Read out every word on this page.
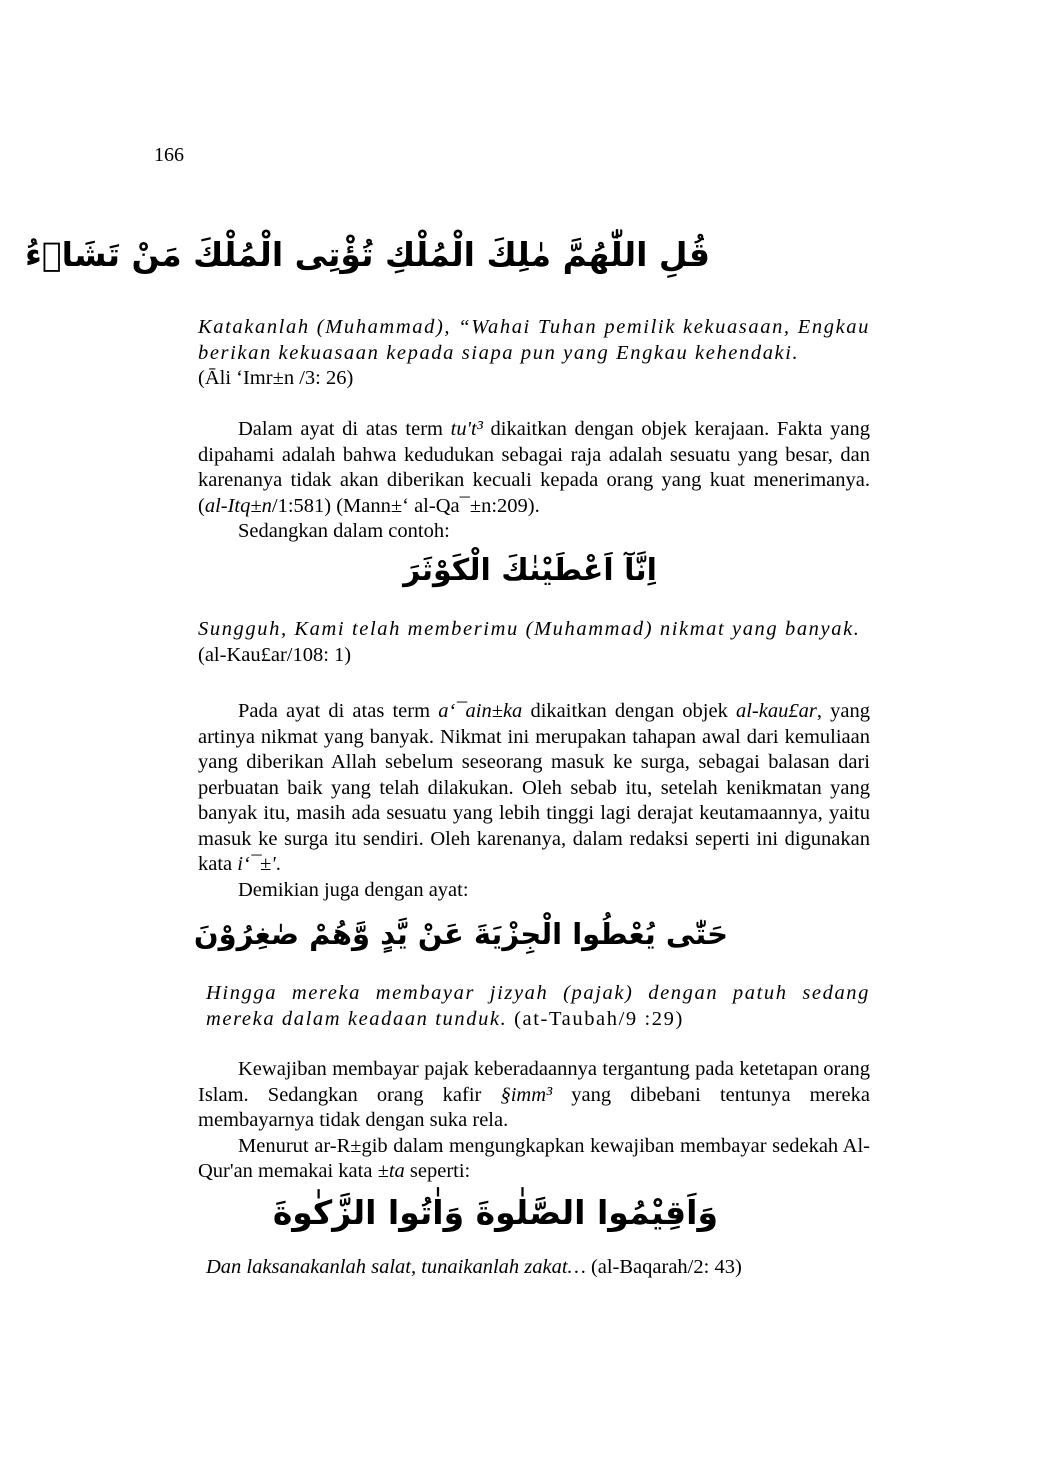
166
قُلِ اللّٰهُمَّ مٰلِكَ الْمُلْكِ تُؤْتِى الْمُلْكَ مَنْ تَشَاۤءُ

Katakanlah (Muhammad), “Wahai Tuhan pemilik kekuasaan, Engkau berikan kekuasaan kepada siapa pun yang Engkau kehendaki.

(Āli ‘Imr±n /3: 26)

Dalam ayat di atas term tu't³ dikaitkan dengan objek kerajaan. Fakta yang dipahami adalah bahwa kedudukan sebagai raja adalah sesuatu yang besar, dan karenanya tidak akan diberikan kecuali kepada orang yang kuat menerimanya. (al-Itq±n/1:581) (Mann±‘ al-Qa¯±n:209).

Sedangkan dalam contoh:

اِنَّآ اَعْطَيْنٰكَ الْكَوْثَرَ

Sungguh, Kami telah memberimu (Muhammad) nikmat yang banyak.

(al-Kau£ar/108: 1)

Pada ayat di atas term a‘¯ain±ka dikaitkan dengan objek al-kau£ar, yang artinya nikmat yang banyak. Nikmat ini merupakan tahapan awal dari kemuliaan yang diberikan Allah sebelum seseorang masuk ke surga, sebagai balasan dari perbuatan baik yang telah dilakukan. Oleh sebab itu, setelah kenikmatan yang banyak itu, masih ada sesuatu yang lebih tinggi lagi derajat keutamaannya, yaitu masuk ke surga itu sendiri. Oleh karenanya, dalam redaksi seperti ini digunakan kata i‘¯±'.

Demikian juga dengan ayat:

حَتّٰى يُعْطُوا الْجِزْيَةَ عَنْ يَّدٍ وَّهُمْ صٰغِرُوْنَ

Hingga mereka membayar jizyah (pajak) dengan patuh sedang mereka dalam keadaan tunduk. (at-Taubah/9 :29)

Kewajiban membayar pajak keberadaannya tergantung pada ketetapan orang Islam. Sedangkan orang kafir §imm³ yang dibebani tentunya mereka membayarnya tidak dengan suka rela.

Menurut ar-R±gib dalam mengungkapkan kewajiban membayar sedekah Al-Qur'an memakai kata ±ta seperti:

وَاَقِيْمُوا الصَّلٰوةَ وَاٰتُوا الزَّكٰوةَ

Dan laksanakanlah salat, tunaikanlah zakat… (al-Baqarah/2: 43)
